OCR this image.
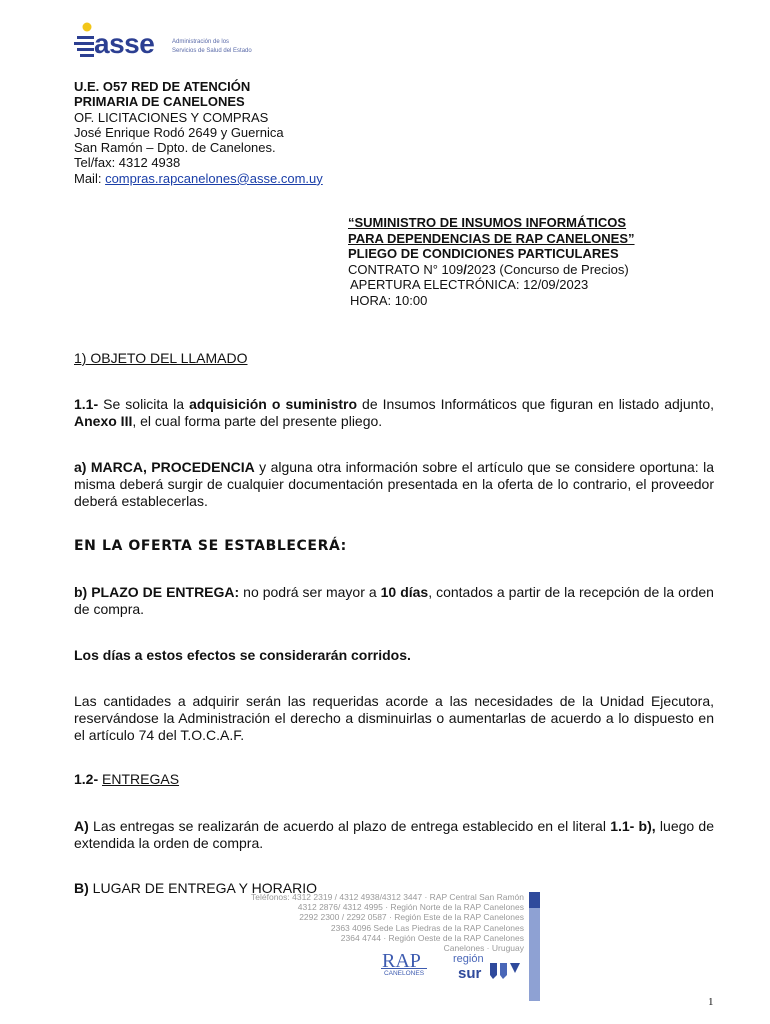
asse	Administración de los
Servicios de Salud del Estado
U.E. O57 RED DE ATENCIÓN
PRIMARIA DE CANELONES
OF. LICITACIONES Y COMPRAS
José Enrique Rodó 2649 y Guernica
San Ramón – Dpto. de Canelones.
Tel/fax: 4312 4938
Mail: compras.rapcanelones@asse.com.uy
“SUMINISTRO DE INSUMOS INFORMÁTICOS
PARA DEPENDENCIAS DE RAP CANELONES”
PLIEGO DE CONDICIONES PARTICULARES
CONTRATO N° 109/2023 (Concurso de Precios)
APERTURA ELECTRÓNICA: 12/09/2023
HORA: 10:00
1) OBJETO DEL LLAMADO
1.1- Se solicita la adquisición o suministro de Insumos Informáticos que figuran en listado adjunto, Anexo III, el cual forma parte del presente pliego.
a) MARCA, PROCEDENCIA y alguna otra información sobre el artículo que se considere oportuna: la misma deberá surgir de cualquier documentación presentada en la oferta de lo contrario, el proveedor deberá establecerlas.
EN LA OFERTA SE ESTABLECERÁ:
b) PLAZO DE ENTREGA: no podrá ser mayor a 10 días, contados a partir de la recepción de la orden de compra.
Los días a estos efectos se considerarán corridos.
Las cantidades a adquirir serán las requeridas acorde a las necesidades de la Unidad Ejecutora, reservándose la Administración el derecho a disminuirlas o aumentarlas de acuerdo a lo dispuesto en el artículo 74 del T.O.C.A.F.
1.2- ENTREGAS
A) Las entregas se realizarán de acuerdo al plazo de entrega establecido en el literal 1.1- b), luego de extendida la orden de compra.
Teléfonos: 4312 2319 / 4312 4938/4312 3447 · RAP Central San Ramón
4312 2876/ 4312 4995 · Región Norte de la RAP Canelones
2292 2300 / 2292 0587 · Región Este de la RAP Canelones
2363 4096 Sede Las Piedras de la RAP Canelones
2364 4744 · Región Oeste de la RAP Canelones
Canelones · Uruguay
B) LUGAR DE ENTREGA Y HORARIO
RAP
CANELONES
región
sur
1
